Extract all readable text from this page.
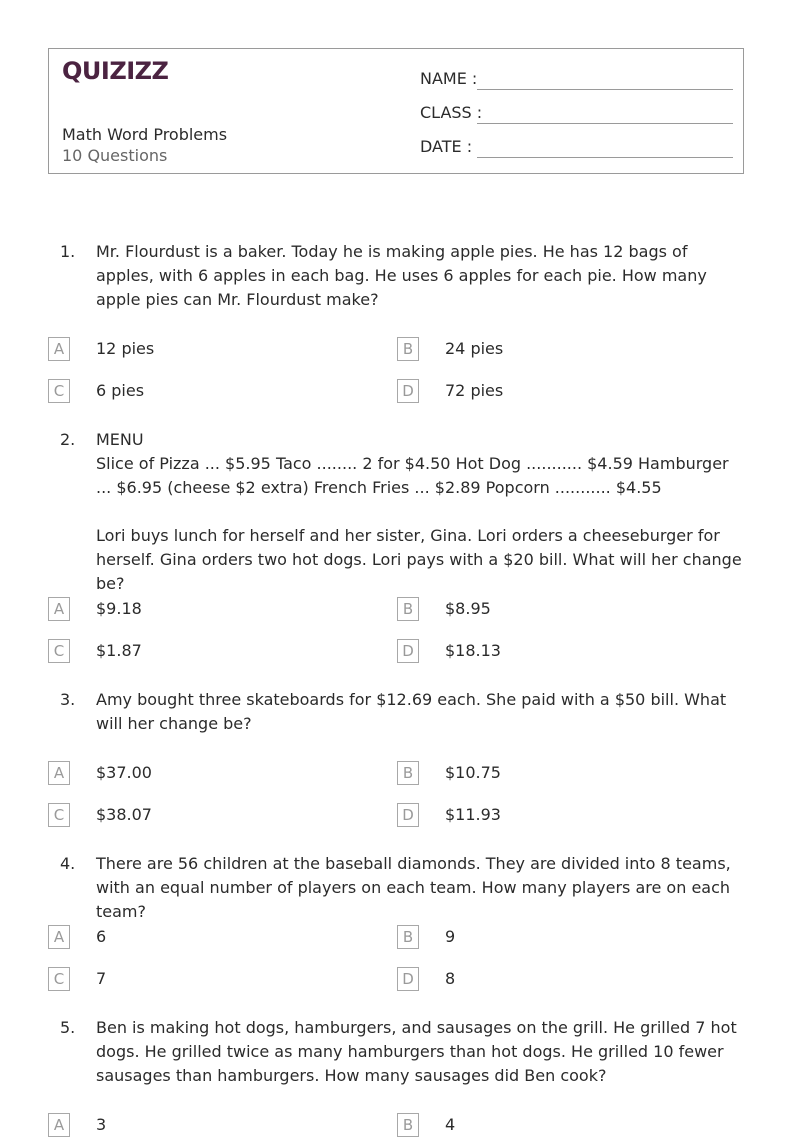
QUIZIZZ
Math Word Problems
10 Questions
NAME :
CLASS :
DATE :
1. Mr. Flourdust is a baker. Today he is making apple pies. He has 12 bags of apples, with 6 apples in each bag. He uses 6 apples for each pie. How many apple pies can Mr. Flourdust make?

A	12 pies	B	24 pies
C	6 pies	D	72 pies
2. MENU

Slice of Pizza ... $5.95 Taco ........ 2 for $4.50 Hot Dog ........... $4.59 Hamburger ... $6.95 (cheese $2 extra) French Fries ... $2.89 Popcorn ........... $4.55

Lori buys lunch for herself and her sister, Gina. Lori orders a cheeseburger for herself. Gina orders two hot dogs. Lori pays with a $20 bill. What will her change be?

A	$9.18	B	$8.95
C	$1.87	D	$18.13
3. Amy bought three skateboards for $12.69 each. She paid with a $50 bill. What will her change be?

A	$37.00	B	$10.75
C	$38.07	D	$11.93
4. There are 56 children at the baseball diamonds. They are divided into 8 teams, with an equal number of players on each team. How many players are on each team?

A	6	B	9
C	7	D	8
5. Ben is making hot dogs, hamburgers, and sausages on the grill. He grilled 7 hot dogs. He grilled twice as many hamburgers than hot dogs. He grilled 10 fewer sausages than hamburgers. How many sausages did Ben cook?

A	3	B	4
